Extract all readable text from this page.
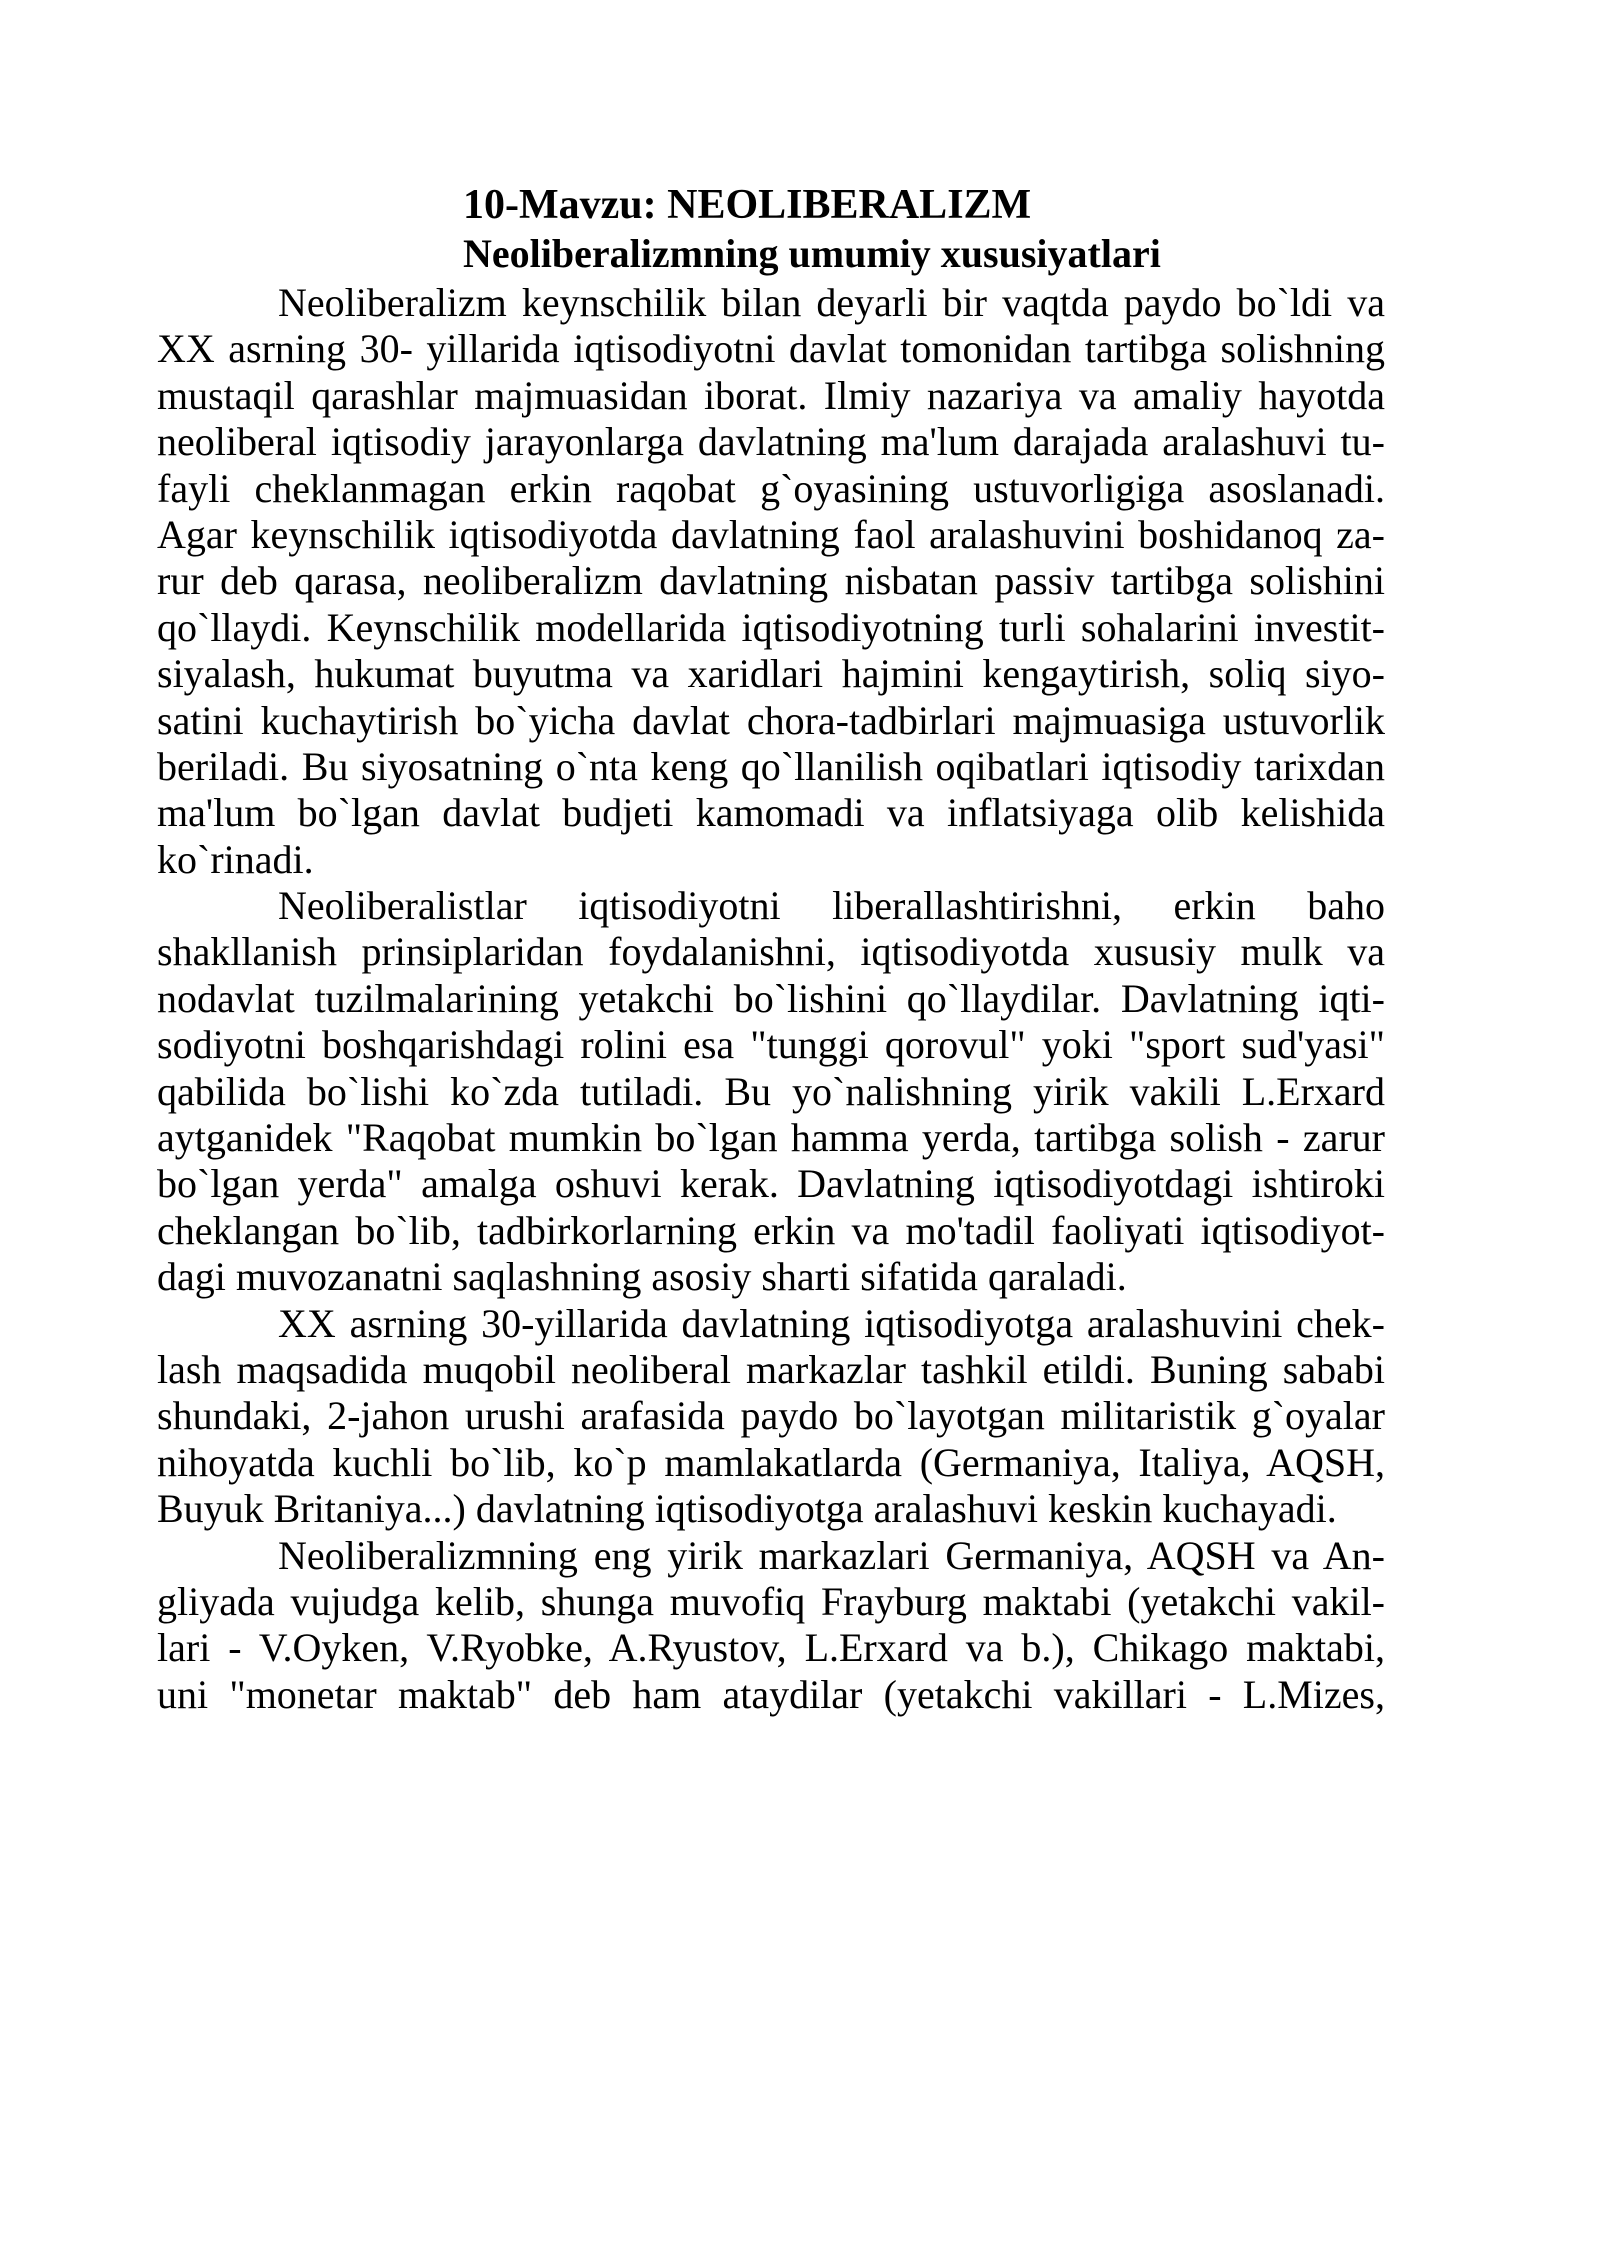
10-Mavzu: NEOLIBERALIZM
Neoliberalizmning umumiy xususiyatlari
Neoliberalizm keynschilik bilan deyarli bir vaqtda paydo bo`ldi va
XX asrning 30- yillarida iqtisodiyotni davlat tomonidan tartibga solishning
mustaqil qarashlar majmuasidan iborat. Ilmiy nazariya va amaliy hayotda
neoliberal iqtisodiy jarayonlarga davlatning ma'lum darajada aralashuvi tu-
fayli cheklanmagan erkin raqobat g`oyasining ustuvorligiga asoslanadi.
Agar keynschilik iqtisodiyotda davlatning faol aralashuvini boshidanoq za-
rur deb qarasa, neoliberalizm davlatning nisbatan passiv tartibga solishini
qo`llaydi. Keynschilik modellarida iqtisodiyotning turli sohalarini investit-
siyalash, hukumat buyutma va xaridlari hajmini kengaytirish, soliq siyo-
satini kuchaytirish bo`yicha davlat chora-tadbirlari majmuasiga ustuvorlik
beriladi. Bu siyosatning o`nta keng qo`llanilish oqibatlari iqtisodiy tarixdan
ma'lum bo`lgan davlat budjeti kamomadi va inflatsiyaga olib kelishida
ko`rinadi.
Neoliberalistlar iqtisodiyotni liberallashtirishni, erkin baho
shakllanish prinsiplaridan foydalanishni, iqtisodiyotda xususiy mulk va
nodavlat tuzilmalarining yetakchi bo`lishini qo`llaydilar. Davlatning iqti-
sodiyotni boshqarishdagi rolini esa "tunggi qorovul" yoki "sport sud'yasi"
qabilida bo`lishi ko`zda tutiladi. Bu yo`nalishning yirik vakili L.Erxard
aytganidek "Raqobat mumkin bo`lgan hamma yerda, tartibga solish - zarur
bo`lgan yerda" amalga oshuvi kerak. Davlatning iqtisodiyotdagi ishtiroki
cheklangan bo`lib, tadbirkorlarning erkin va mo'tadil faoliyati iqtisodiyot-
dagi muvozanatni saqlashning asosiy sharti sifatida qaraladi.
XX asrning 30-yillarida davlatning iqtisodiyotga aralashuvini chek-
lash maqsadida muqobil neoliberal markazlar tashkil etildi. Buning sababi
shundaki, 2-jahon urushi arafasida paydo bo`layotgan militaristik g`oyalar
nihoyatda kuchli bo`lib, ko`p mamlakatlarda (Germaniya, Italiya, AQSH,
Buyuk Britaniya...) davlatning iqtisodiyotga aralashuvi keskin kuchayadi.
Neoliberalizmning eng yirik markazlari Germaniya, AQSH va An-
gliyada vujudga kelib, shunga muvofiq Frayburg maktabi (yetakchi vakil-
lari - V.Oyken, V.Ryobke, A.Ryustov, L.Erxard va b.), Chikago maktabi,
uni "monetar maktab" deb ham ataydilar (yetakchi vakillari - L.Mizes,
